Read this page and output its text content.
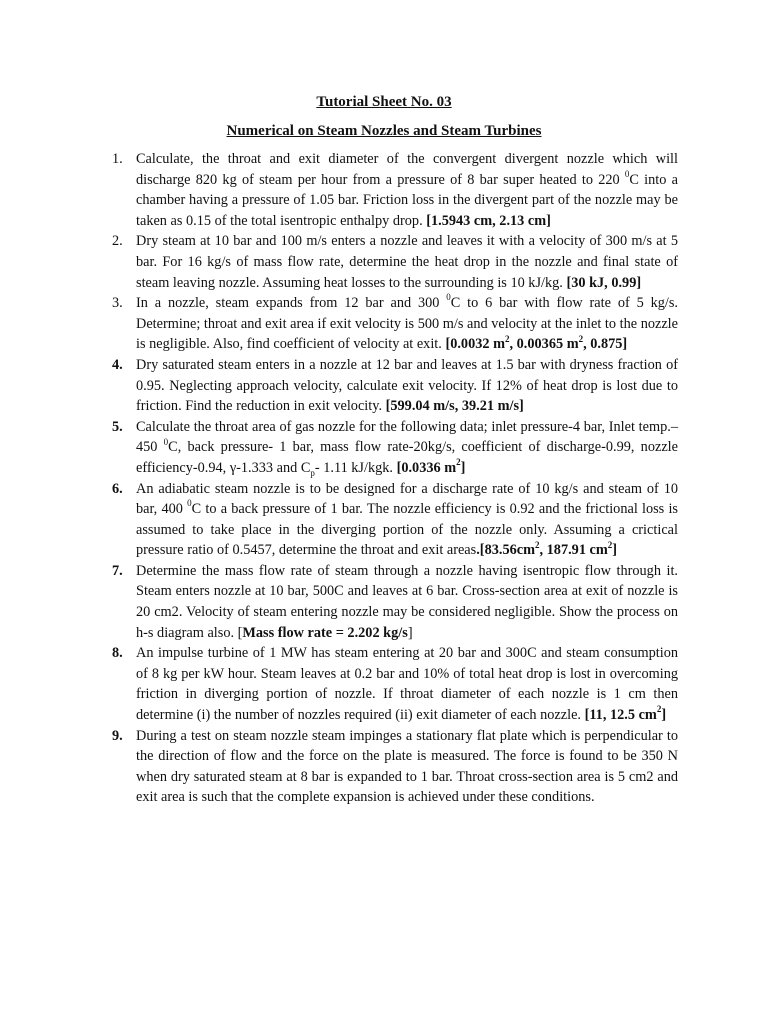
Tutorial Sheet No. 03
Numerical on Steam Nozzles and Steam Turbines
1. Calculate, the throat and exit diameter of the convergent divergent nozzle which will discharge 820 kg of steam per hour from a pressure of 8 bar super heated to 220 $^0$C into a chamber having a pressure of 1.05 bar. Friction loss in the divergent part of the nozzle may be taken as 0.15 of the total isentropic enthalpy drop. [1.5943 cm, 2.13 cm]
2. Dry steam at 10 bar and 100 m/s enters a nozzle and leaves it with a velocity of 300 m/s at 5 bar. For 16 kg/s of mass flow rate, determine the heat drop in the nozzle and final state of steam leaving nozzle. Assuming heat losses to the surrounding is 10 kJ/kg. [30 kJ, 0.99]
3. In a nozzle, steam expands from 12 bar and 300 $^0$C to 6 bar with flow rate of 5 kg/s. Determine; throat and exit area if exit velocity is 500 m/s and velocity at the inlet to the nozzle is negligible. Also, find coefficient of velocity at exit. [0.0032 $m^2$, 0.00365 $m^2$, 0.875]
4. Dry saturated steam enters in a nozzle at 12 bar and leaves at 1.5 bar with dryness fraction of 0.95. Neglecting approach velocity, calculate exit velocity. If 12% of heat drop is lost due to friction. Find the reduction in exit velocity. [599.04 m/s, 39.21 m/s]
5. Calculate the throat area of gas nozzle for the following data; inlet pressure-4 bar, Inlet temp.–450 $^0$C, back pressure- 1 bar, mass flow rate-20kg/s, coefficient of discharge-0.99, nozzle efficiency-0.94, γ-1.333 and $C_p-$ 1.11 kJ/kgk. [0.0336 $m^2$]
6. An adiabatic steam nozzle is to be designed for a discharge rate of 10 kg/s and steam of 10 bar, 400 $^0$C to a back pressure of 1 bar. The nozzle efficiency is 0.92 and the frictional loss is assumed to take place in the diverging portion of the nozzle only. Assuming a crictical pressure ratio of 0.5457, determine the throat and exit $areas.[83.56cm^2$, 187.91 $cm^2$]
7. Determine the mass flow rate of steam through a nozzle having isentropic flow through it. Steam enters nozzle at 10 bar, 500C and leaves at 6 bar. Cross-section area at exit of nozzle is 20 cm2. Velocity of steam entering nozzle may be considered negligible. Show the process on h-s diagram also. [Mass flow rate = 2.202 kg/s]
8. An impulse turbine of 1 MW has steam entering at 20 bar and 300C and steam consumption of 8 kg per kW hour. Steam leaves at 0.2 bar and 10% of total heat drop is lost in overcoming friction in diverging portion of nozzle. If throat diameter of each nozzle is 1 cm then determine (i) the number of nozzles required (ii) exit diameter of each nozzle. [11, 12.5 $cm^2$]
9. During a test on steam nozzle steam impinges a stationary flat plate which is perpendicular to the direction of flow and the force on the plate is measured. The force is found to be 350 N when dry saturated steam at 8 bar is expanded to 1 bar. Throat cross-section area is 5 cm2 and exit area is such that the complete expansion is achieved under these conditions.
